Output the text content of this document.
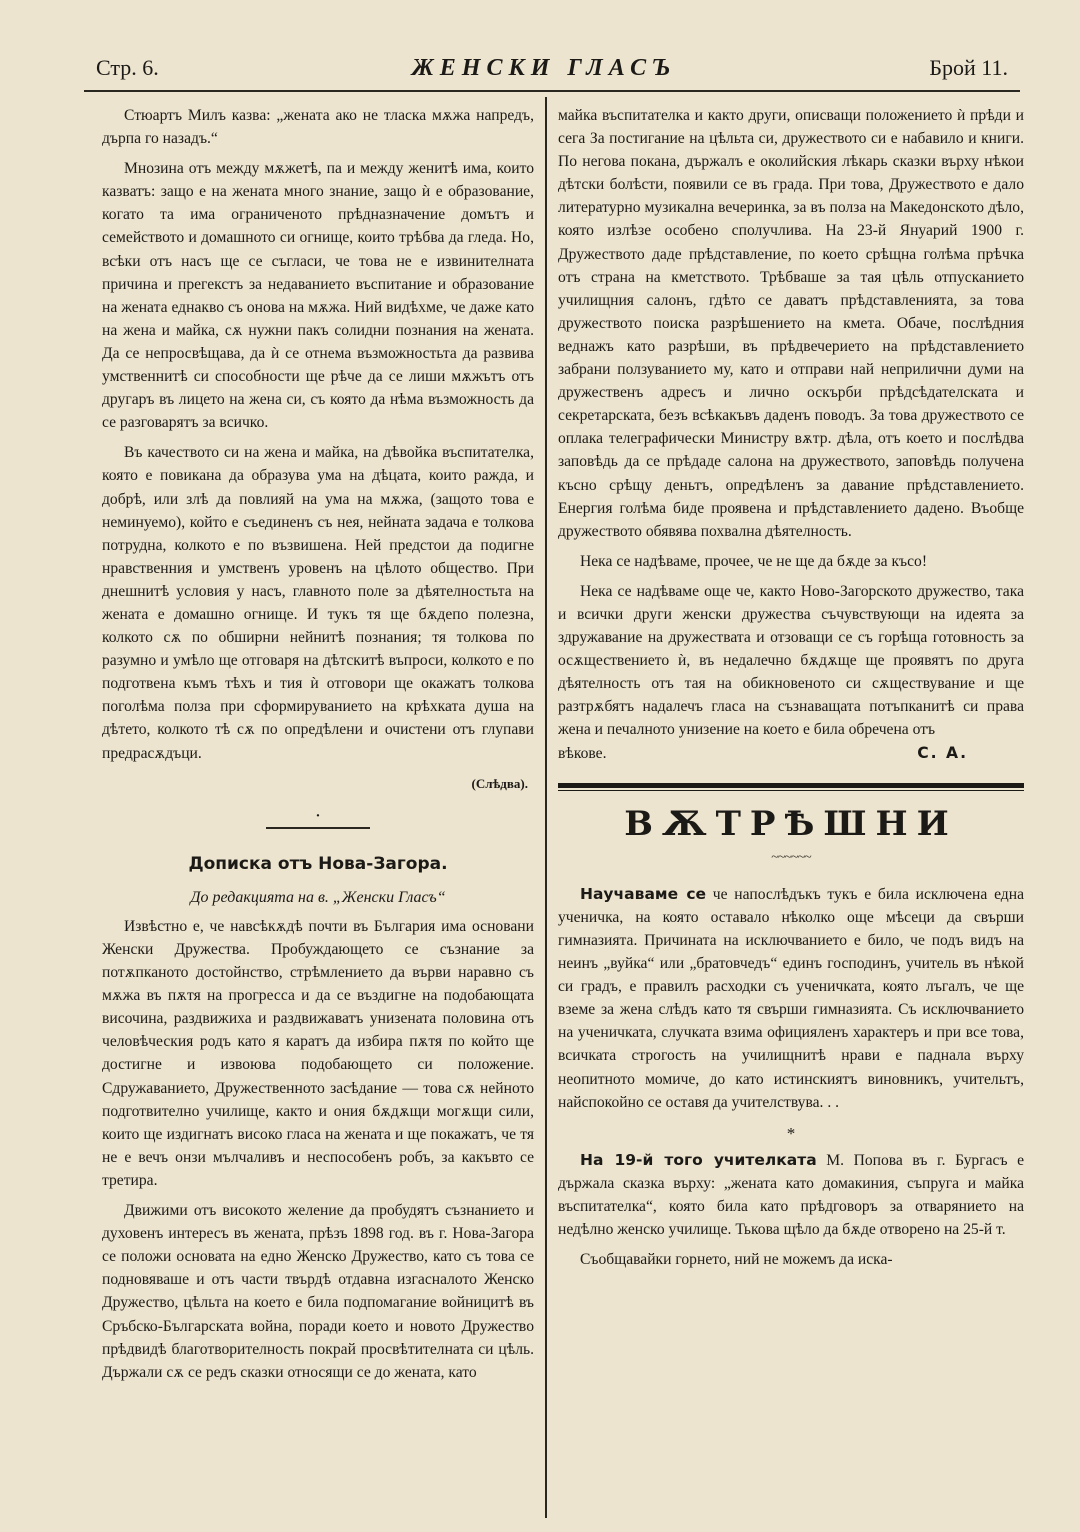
Стр. 6.	ЖЕНСКИ ГЛАСЪ	Брой 11.

Стюартъ Милъ казва: „жената ако не тласка мѫжа напредъ, дърпа го назадъ.“

Мнозина отъ между мѫжетѣ, па и между женитѣ има, които казватъ: защо е на жената много знание, защо ѝ е образование, когато та има ограниченото прѣдназначение домътъ и семейството и домашното си огнище, които трѣбва да гледа. Но, всѣки отъ насъ ще се съгласи, че това не е извинителната причина и прегекстъ за недаванието въспитание и образование на жената еднакво съ онова на мѫжа. Ний видѣхме, че даже като на жена и майка, сѫ нужни пакъ солидни познания на жената. Да се непросвѣщава, да ѝ се отнема възможностьта да развива умственнитѣ си способности ще рѣче да се лиши мѫжътъ отъ другаръ въ лицето на жена си, съ която да нѣма възможность да се разговарятъ за всичко.

Въ качеството си на жена и майка, на дѣвойка въспитателка, която е повикана да образува ума на дѣцата, които ражда, и добрѣ, или злѣ да повлияй на ума на мѫжа, (защото това е неминуемо), който е съединенъ съ нея, нейната задача е толкова потрудна, колкото е по възвишена. Ней предстои да подигне нравственния и умственъ уровенъ на цѣлото общество. При днешнитѣ условия у насъ, главното поле за дѣятелностьта на жената е домашно огнище. И тукъ тя ще бѫдепо полезна, колкото сѫ по обширни нейнитѣ познания; тя толкова по разумно и умѣло ще отговаря на дѣтскитѣ въпроси, колкото е по подготвена къмъ тѣхъ и тия ѝ отговори ще окажатъ толкова поголѣма полза при сформируванието на крѣхката душа на дѣтето, колкото тѣ сѫ по опредѣлени и очистени отъ глупави предрасѫдъци.

(Слѣдва).
·
Дописка отъ Нова-Загора.
До редакцията на в. „Женски Гласъ“

Извѣстно е, че навсѣкѫдѣ почти въ България има основани Женски Дружества. Пробуждающето се съзнание за потѫпканото достойнство, стрѣмлението да върви наравно съ мѫжа въ пѫтя на прогресса и да се въздигне на подобающата височина, раздвижиха и раздвижаватъ унизената половина отъ человѣческия родъ като я каратъ да избира пѫтя по който ще достигне и извоюва подобающето си положение. Сдружаванието, Дружественното засѣдание — това сѫ нейното подготвително училище, както и ония бѫдѫщи могѫщи сили, които ще издигнатъ високо гласа на жената и ще покажатъ, че тя не е вечъ онзи мълчаливъ и неспособенъ робъ, за какъвто се третира.

Движими отъ високото желение да пробудятъ съзнанието и духовенъ интересъ въ жената, прѣзъ 1898 год. въ г. Нова-Загора се положи основата на едно Женско Дружество, като съ това се подновяваше и отъ части твърдѣ отдавна изгасналото Женско Дружество, цѣльта на което е била подпомагание войницитѣ въ Сръбско-Българската война, поради което и новото Дружество прѣдвидѣ благотворителность покрай просвѣтителната си цѣль. Държали сѫ се редъ сказки относящи се до жената, като

майка въспитателка и както други, описващи положението ѝ прѣди и сега За постигание на цѣльта си, дружеството си е набавило и книги. По негова покана, държалъ е околийския лѣкарь сказки върху нѣкои дѣтски болѣсти, появили се въ града. При това, Дружеството е дало литературно музикална вечеринка, за въ полза на Македонското дѣло, която излѣзе особено сполучлива. На 23-й Януарий 1900 г. Дружеството даде прѣдставление, по което срѣщна голѣма прѣчка отъ страна на кметството. Трѣбваше за тая цѣль отпусканието училищния салонъ, гдѣто се даватъ прѣдставленията, за това дружеството поиска разрѣшението на кмета. Обаче, послѣдния веднажъ като разрѣши, въ прѣдвечерието на прѣдставлението забрани ползуванието му, като и отправи най неприлични думи на дружественъ адресъ и лично оскърби прѣдсѣдателската и секретарската, безъ всѣкакъвъ даденъ поводъ. За това дружеството се оплака телеграфически Министру вѫтр. дѣла, отъ което и послѣдва заповѣдь да се прѣдаде салона на дружеството, заповѣдь получена късно срѣщу деньтъ, опредѣленъ за давание прѣдставлението. Енергия голѣма биде проявена и прѣдставлението дадено. Въобще дружеството обявява похвална дѣятелность.

Нека се надѣваме, прочее, че не ще да бѫде за късо!

Нека се надѣваме още че, както Ново-Загорското дружество, така и всички други женски дружества съчувствующи на идеята за здружавание на дружествата и отзоващи се съ горѣща готовность за осѫществението ѝ, въ недалечно бѫдѫще ще проявятъ по друга дѣятелность отъ тая на обикновеното си сѫществувание и ще разтрѫбятъ надалечъ гласа на съзнаващата потъпканитѣ си права жена и печалното унизение на което е била обречена отъ

вѣкове.	С. А.
ВѪТРѢШНИ
~~~~~~

Научаваме се че напослѣдъкъ тукъ е била исключена една ученичка, на която оставало нѣколко още мѣсеци да свърши гимназията. Причината на исключванието е било, че подъ видъ на неинъ „вуйка“ или „братовчедъ“ единъ господинъ, учитель въ нѣкой си градъ, е правилъ расходки съ ученичката, която лъгалъ, че ще вземе за жена слѣдъ като тя свърши гимназията. Съ исключванието на ученичката, случката взима официяленъ характеръ и при все това, всичката строгость на училищнитѣ нрави е паднала върху неопитното момиче, до като истинскиятъ виновникъ, учительтъ, найспокойно се оставя да учителствува. . .

*

На 19-й того учителката М. Попова въ г. Бургасъ е държала сказка върху: „жената като домакиния, съпруга и майка въспитателка“, която била като прѣдговоръ за отварянието на недѣлно женско училище. Тькова щѣло да бѫде отворено на 25-й т.

Съобщавайки горнето, ний не можемъ да иска-
